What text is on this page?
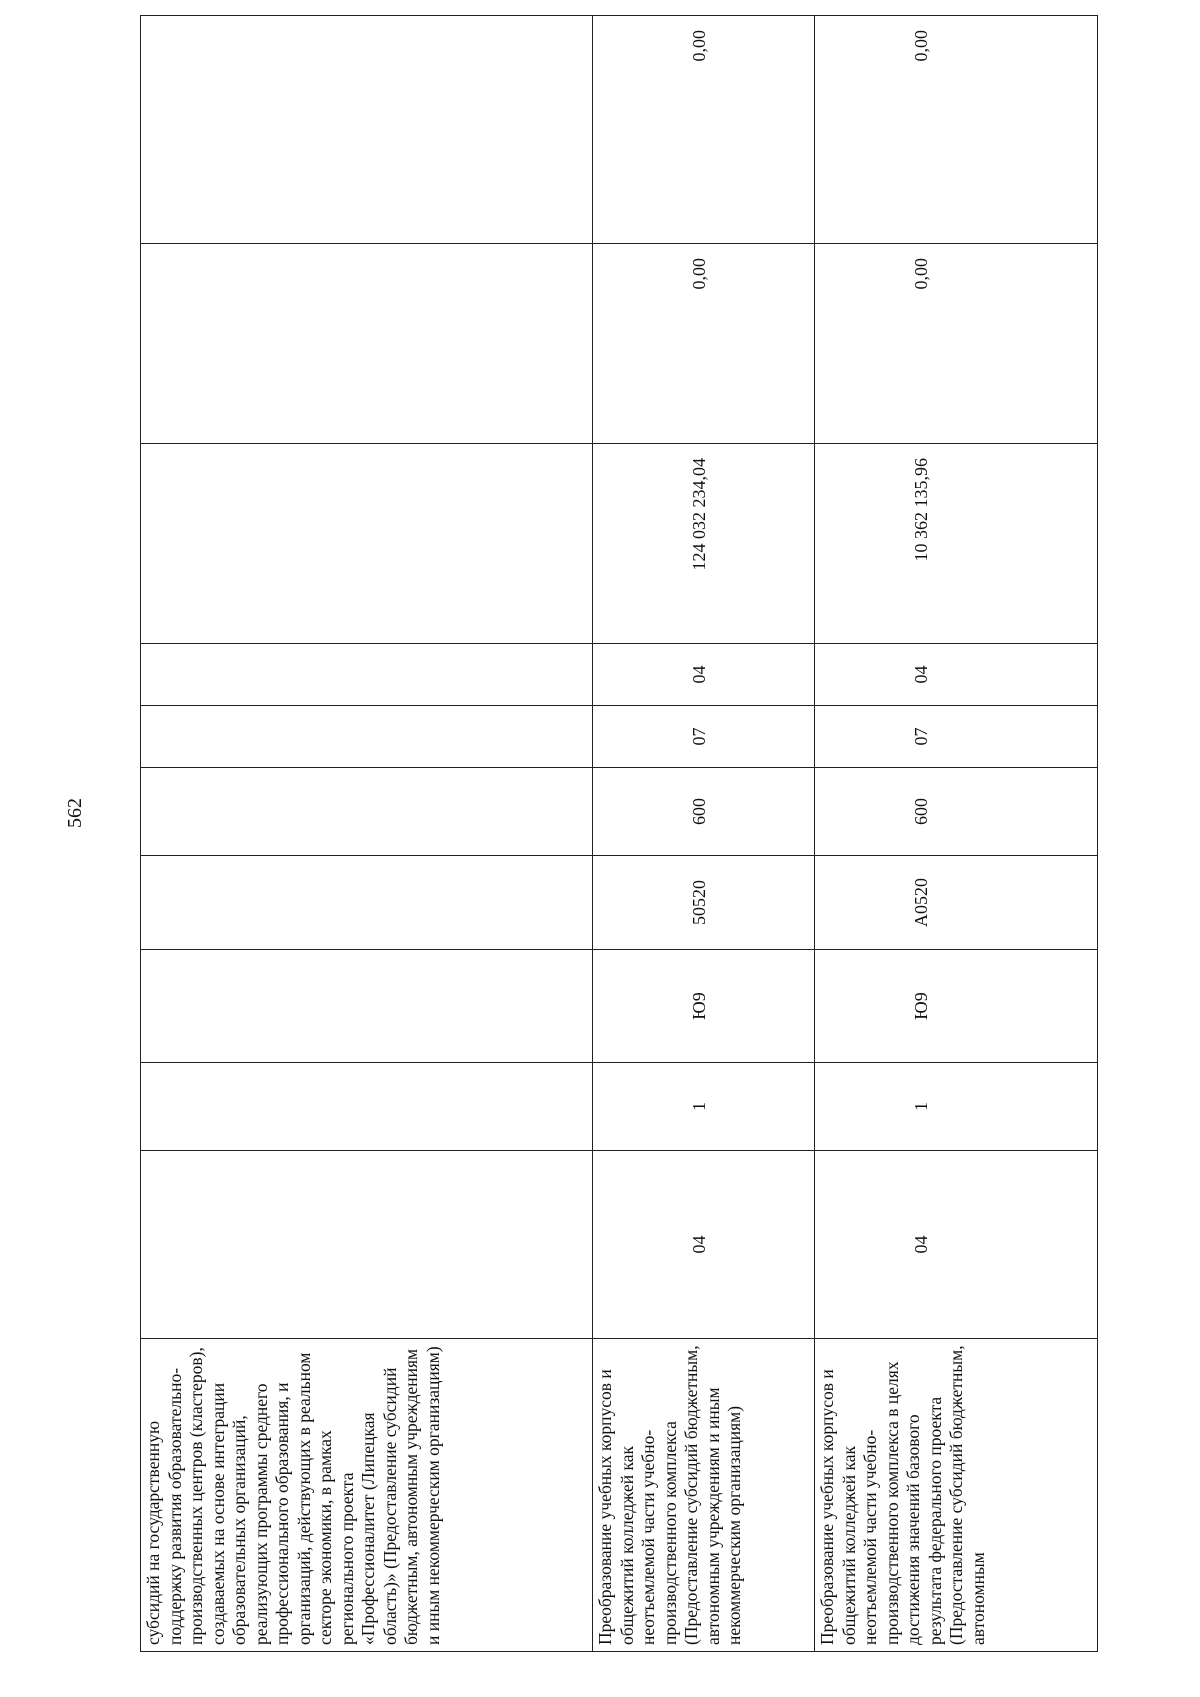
562
субсидий на государственную поддержку развития образовательно-производственных центров (кластеров), создаваемых на основе интеграции образовательных организаций, реализующих программы среднего профессионального образования, и организаций, действующих в реальном секторе экономики, в рамках регионального проекта «Профессионалитет (Липецкая область)» (Предоставление субсидий бюджетным, автономным учреждениям и иным некоммерческим организациям)										
Преобразование учебных корпусов и общежитий колледжей как неотъемлемой части учебно-производственного комплекса (Предоставление субсидий бюджетным, автономным учреждениям и иным некоммерческим организациям)	04	1	Ю9	50520	600	07	04	124 032 234,04	0,00	0,00
Преобразование учебных корпусов и общежитий колледжей как неотъемлемой части учебно-производственного комплекса в целях достижения значений базового результата федерального проекта (Предоставление субсидий бюджетным, автономным	04	1	Ю9	А0520	600	07	04	10 362 135,96	0,00	0,00
